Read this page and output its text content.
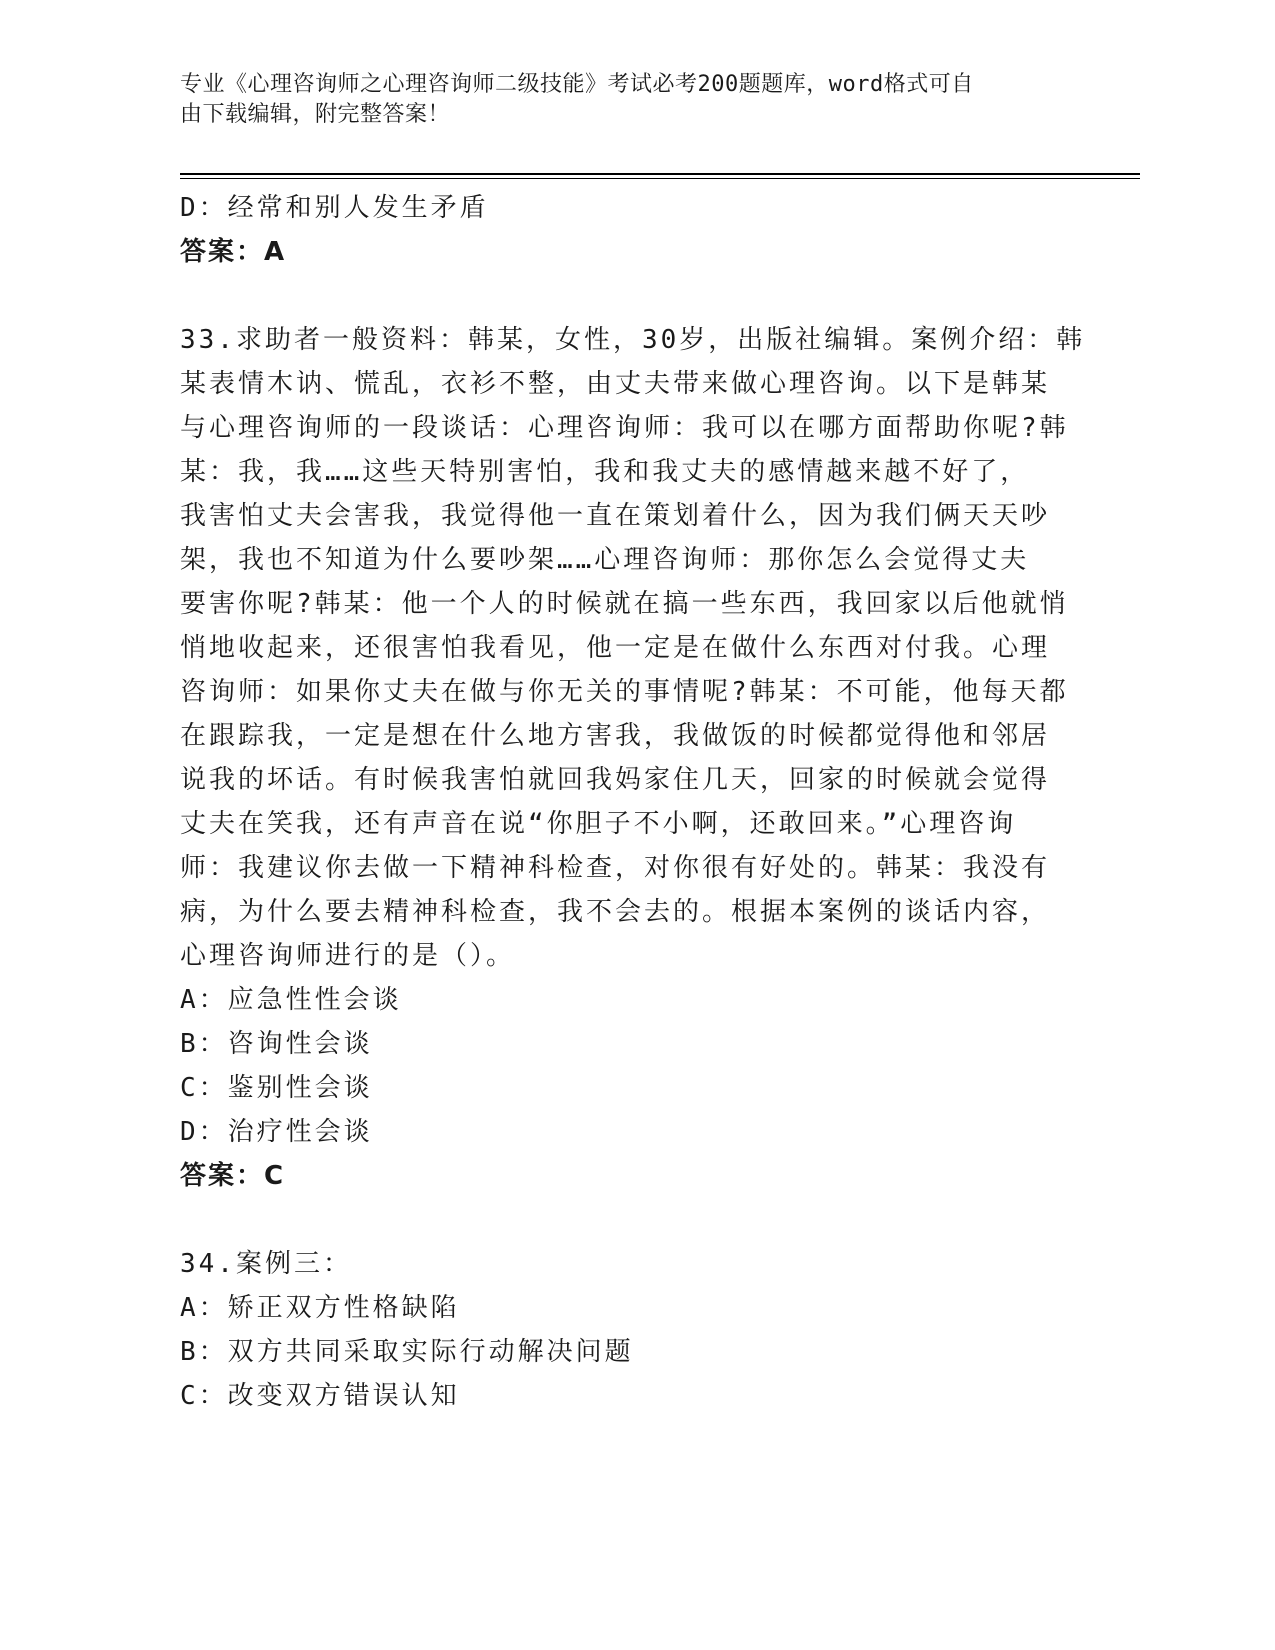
专业《心理咨询师之心理咨询师二级技能》考试必考200题题库，word格式可自
由下载编辑，附完整答案！

D：经常和别人发生矛盾

答案：A

33.求助者一般资料：韩某，女性，30岁，出版社编辑。案例介绍：韩
某表情木讷、慌乱，衣衫不整，由丈夫带来做心理咨询。以下是韩某
与心理咨询师的一段谈话：心理咨询师：我可以在哪方面帮助你呢?韩
某：我，我……这些天特别害怕，我和我丈夫的感情越来越不好了，
我害怕丈夫会害我，我觉得他一直在策划着什么，因为我们俩天天吵
架，我也不知道为什么要吵架……心理咨询师：那你怎么会觉得丈夫
要害你呢?韩某：他一个人的时候就在搞一些东西，我回家以后他就悄
悄地收起来，还很害怕我看见，他一定是在做什么东西对付我。心理
咨询师：如果你丈夫在做与你无关的事情呢?韩某：不可能，他每天都
在跟踪我，一定是想在什么地方害我，我做饭的时候都觉得他和邻居
说我的坏话。有时候我害怕就回我妈家住几天，回家的时候就会觉得
丈夫在笑我，还有声音在说“你胆子不小啊，还敢回来。”心理咨询
师：我建议你去做一下精神科检查，对你很有好处的。韩某：我没有
病，为什么要去精神科检查，我不会去的。根据本案例的谈话内容，
心理咨询师进行的是（）。

A：应急性性会谈

B：咨询性会谈

C：鉴别性会谈

D：治疗性会谈

答案：C

34.案例三：

A：矫正双方性格缺陷

B：双方共同采取实际行动解决问题

C：改变双方错误认知
